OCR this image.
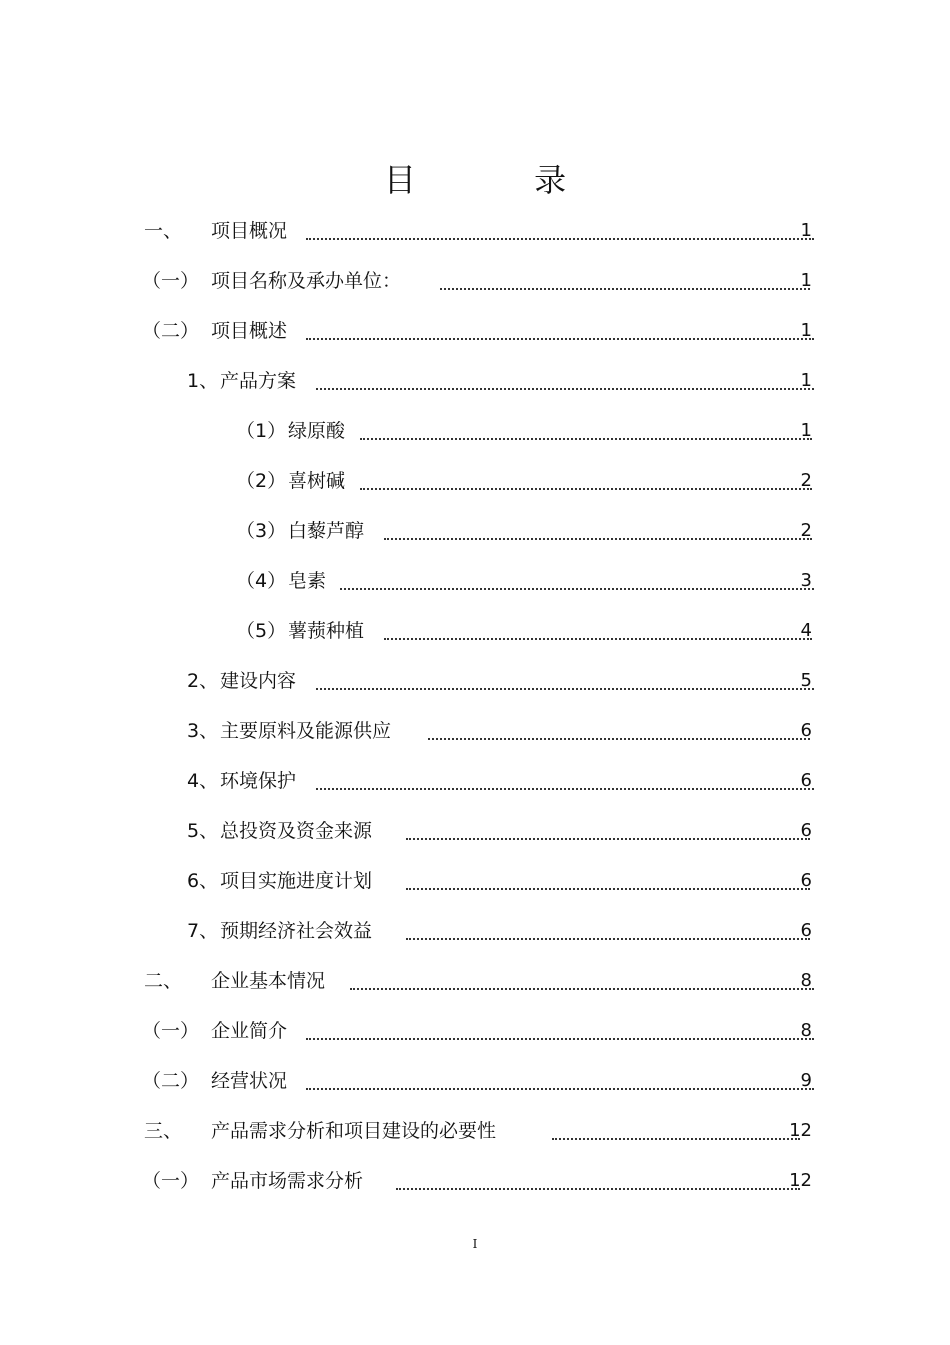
目 录
一、 项目概况	1
（一） 项目名称及承办单位：	1
（二） 项目概述	1
1、 产品方案	1
（1） 绿原酸	1
（2） 喜树碱	2
（3） 白藜芦醇	2
（4） 皂素	3
（5） 薯蓣种植	4
2、 建设内容	5
3、 主要原料及能源供应	6
4、 环境保护	6
5、 总投资及资金来源	6
6、 项目实施进度计划	6
7、 预期经济社会效益	6
二、 企业基本情况	8
（一） 企业简介	8
（二） 经营状况	9
三、 产品需求分析和项目建设的必要性	12
（一） 产品市场需求分析	12
I
